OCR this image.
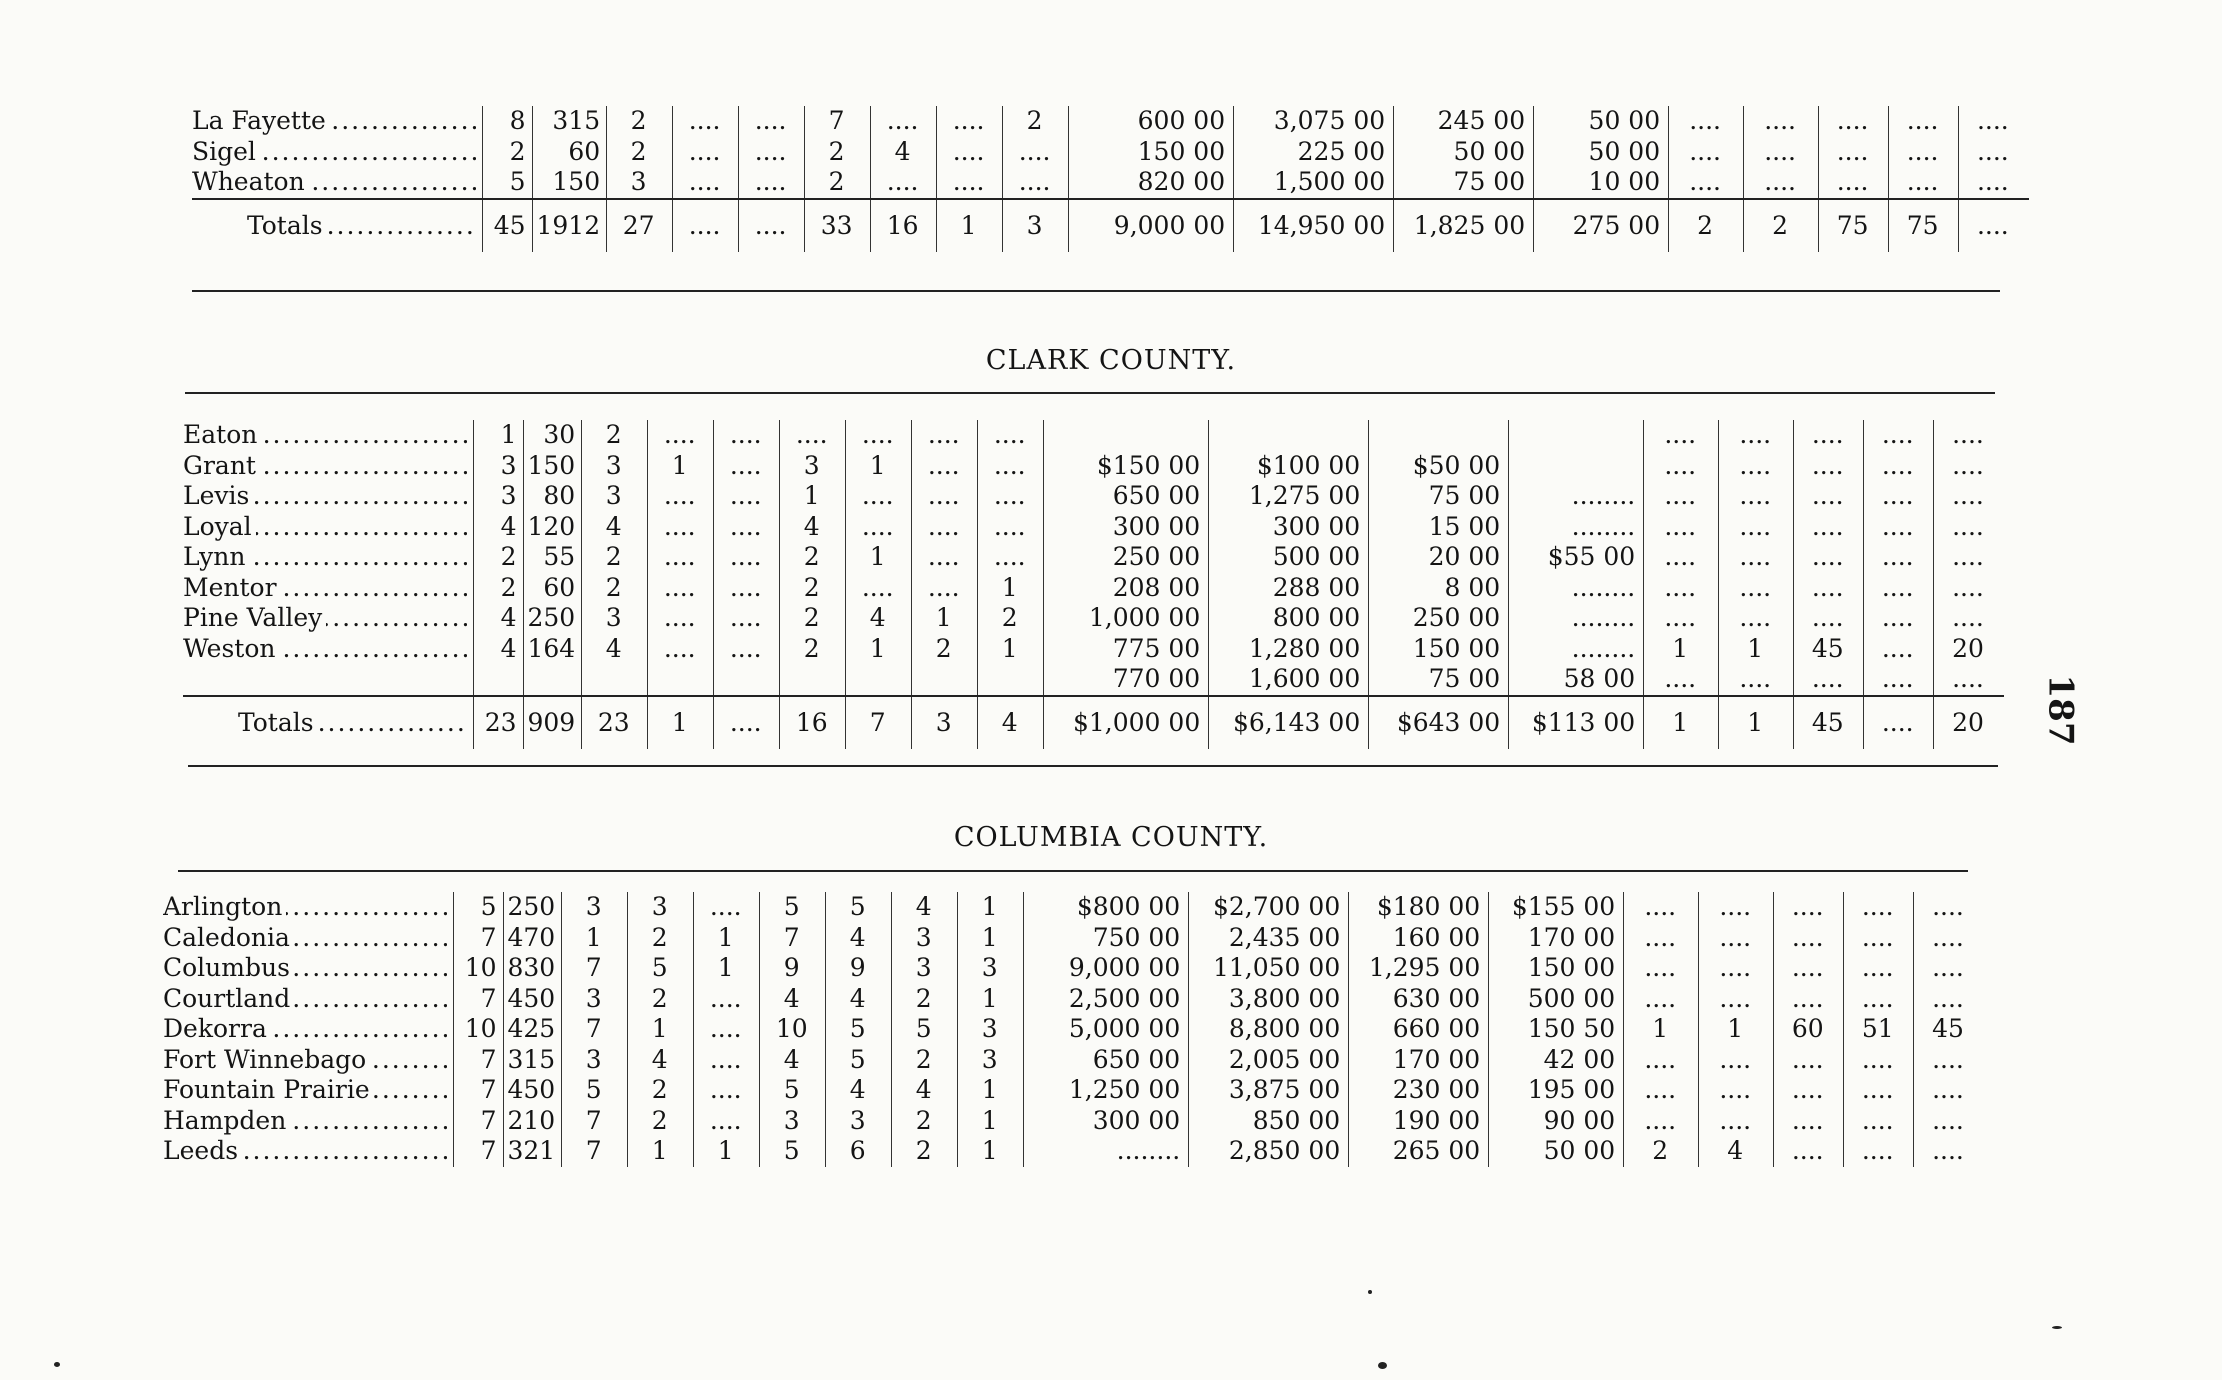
La Fayette .....	8	315	2	....	....	7	....	....	2	600 00	3,075 00	245 00	50 00	....	....	....	....	....
Sigel .....	2	60	2	....	....	2	4	....	....	150 00	225 00	50 00	50 00	....	....	....	....	....
Wheaton .....	5	150	3	....	....	2	....	....	....	820 00	1,500 00	75 00	10 00	....	....	....	....	....
Totals .....	45	1912	27	....	....	33	16	1	3	9,000 00	14,950 00	1,825 00	275 00	2	2	75	75	....
CLARK COUNTY.
Eaton .....	1	30	2	....	....	....	....	....	....					....	....	....	....	....
Grant .....	3	150	3	1	....	3	1	....	....	$150 00	$100 00	$50 00		....	....	....	....	....
Levis .....	3	80	3	....	....	1	....	....	....	650 00	1,275 00	75 00	........	....	....	....	....	....
Loyal .....	4	120	4	....	....	4	....	....	....	300 00	300 00	15 00	........	....	....	....	....	....
Lynn .....	2	55	2	....	....	2	1	....	....	250 00	500 00	20 00	$55 00	....	....	....	....	....
Mentor .....	2	60	2	....	....	2	....	....	1	208 00	288 00	8 00	........	....	....	....	....	....
Pine Valley .....	4	250	3	....	....	2	4	1	2	1,000 00	800 00	250 00	........	....	....	....	....	....
Weston .....	4	164	4	....	....	2	1	2	1	775 00	1,280 00	150 00	........	1	1	45	....	20
										770 00	1,600 00	75 00	58 00	....	....	....	....	....
Totals .....	23	909	23	1	....	16	7	3	4	$1,000 00	$6,143 00	$643 00	$113 00	1	1	45	....	20
COLUMBIA COUNTY.
Arlington .....	5	250	3	3	....	5	5	4	1	$800 00	$2,700 00	$180 00	$155 00	....	....	....	....	....
Caledonia .....	7	470	1	2	1	7	4	3	1	750 00	2,435 00	160 00	170 00	....	....	....	....	....
Columbus .....	10	830	7	5	1	9	9	3	3	9,000 00	11,050 00	1,295 00	150 00	....	....	....	....	....
Courtland .....	7	450	3	2	....	4	4	2	1	2,500 00	3,800 00	630 00	500 00	....	....	....	....	....
Dekorra .....	10	425	7	1	....	10	5	5	3	5,000 00	8,800 00	660 00	150 50	1	1	60	51	45
Fort Winnebago .....	7	315	3	4	....	4	5	2	3	650 00	2,005 00	170 00	42 00	....	....	....	....	....
Fountain Prairie .....	7	450	5	2	....	5	4	4	1	1,250 00	3,875 00	230 00	195 00	....	....	....	....	....
Hampden .....	7	210	7	2	....	3	3	2	1	300 00	850 00	190 00	90 00	....	....	....	....	....
Leeds .....	7	321	7	1	1	5	6	2	1	........	2,850 00	265 00	50 00	2	4	....	....	....
187
